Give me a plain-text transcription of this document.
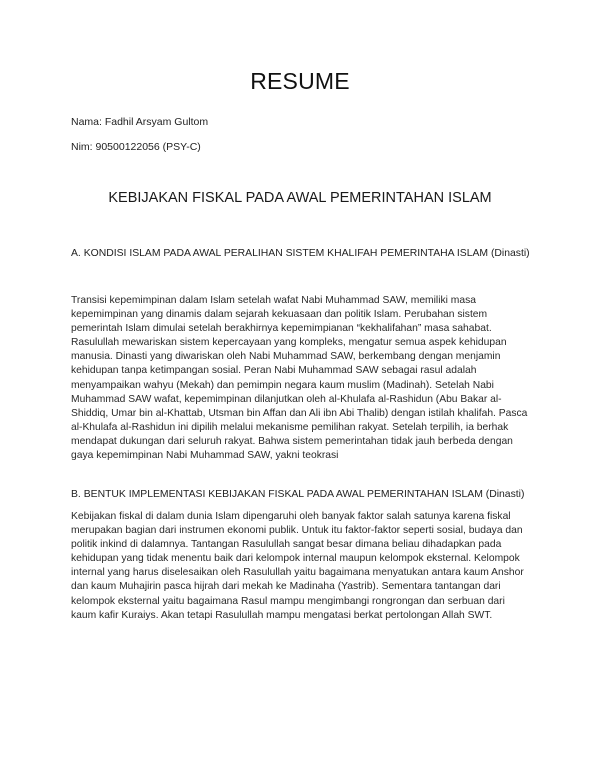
RESUME
Nama: Fadhil Arsyam Gultom
Nim: 90500122056 (PSY-C)
KEBIJAKAN FISKAL PADA AWAL PEMERINTAHAN ISLAM
A. KONDISI ISLAM PADA AWAL PERALIHAN SISTEM KHALIFAH PEMERINTAHA ISLAM (Dinasti)
Transisi kepemimpinan dalam Islam setelah wafat Nabi Muhammad SAW, memiliki masa kepemimpinan yang dinamis dalam sejarah kekuasaan dan politik Islam. Perubahan sistem pemerintah Islam dimulai setelah berakhirnya kepemimpianan “kekhalifahan” masa sahabat. Rasulullah mewariskan sistem kepercayaan yang kompleks, mengatur semua aspek kehidupan manusia. Dinasti yang diwariskan oleh Nabi Muhammad SAW, berkembang dengan menjamin kehidupan tanpa ketimpangan sosial. Peran Nabi Muhammad SAW sebagai rasul adalah menyampaikan wahyu (Mekah) dan pemimpin negara kaum muslim (Madinah). Setelah Nabi Muhammad SAW wafat, kepemimpinan dilanjutkan oleh al-Khulafa al-Rashidun (Abu Bakar al-Shiddiq, Umar bin al-Khattab, Utsman bin Affan dan Ali ibn Abi Thalib) dengan istilah khalifah. Pasca al-Khulafa al-Rashidun ini dipilih melalui mekanisme pemilihan rakyat. Setelah terpilih, ia berhak mendapat dukungan dari seluruh rakyat. Bahwa sistem pemerintahan tidak jauh berbeda dengan gaya kepemimpinan Nabi Muhammad SAW, yakni teokrasi
B. BENTUK IMPLEMENTASI KEBIJAKAN FISKAL PADA AWAL PEMERINTAHAN ISLAM (Dinasti)
Kebijakan fiskal di dalam dunia Islam dipengaruhi oleh banyak faktor salah satunya karena fiskal merupakan bagian dari instrumen ekonomi publik. Untuk itu faktor-faktor seperti sosial, budaya dan politik inkind di dalamnya. Tantangan Rasulullah sangat besar dimana beliau dihadapkan pada kehidupan yang tidak menentu baik dari kelompok internal maupun kelompok eksternal. Kelompok internal yang harus diselesaikan oleh Rasulullah yaitu bagaimana menyatukan antara kaum Anshor dan kaum Muhajirin pasca hijrah dari mekah ke Madinaha (Yastrib). Sementara tantangan dari kelompok eksternal yaitu bagaimana Rasul mampu mengimbangi rongrongan dan serbuan dari kaum kafir Kuraiys. Akan tetapi Rasulullah mampu mengatasi berkat pertolongan Allah SWT.
